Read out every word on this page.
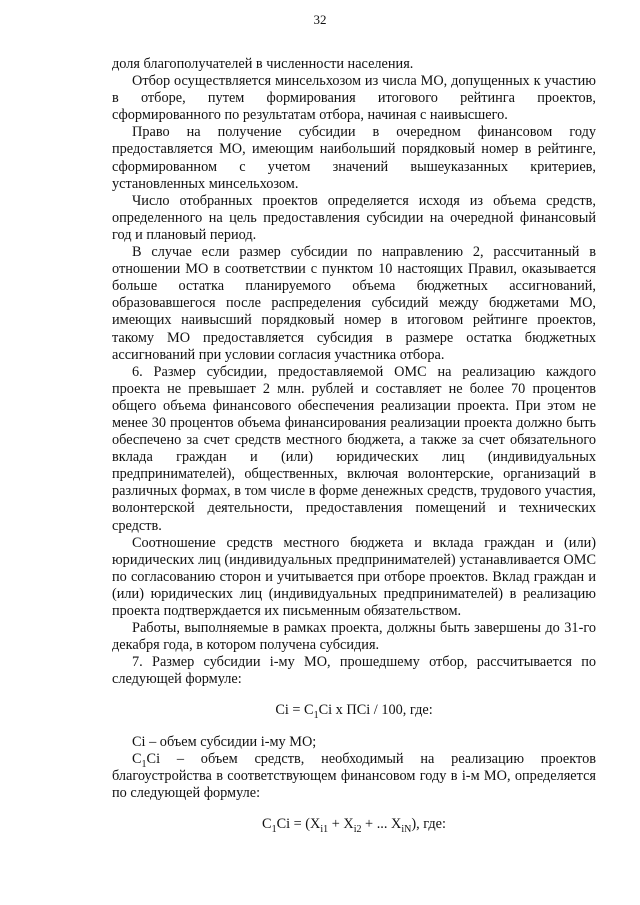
32

доля благополучателей в численности населения.

Отбор осуществляется минсельхозом из числа МО, допущенных к участию в отборе, путем формирования итогового рейтинга проектов, сформированного по результатам отбора, начиная с наивысшего.

Право на получение субсидии в очередном финансовом году предоставляется МО, имеющим наибольший порядковый номер в рейтинге, сформированном с учетом значений вышеуказанных критериев, установленных минсельхозом.

Число отобранных проектов определяется исходя из объема средств, определенного на цель предоставления субсидии на очередной финансовый год и плановый период.

В случае если размер субсидии по направлению 2, рассчитанный в отношении МО в соответствии с пунктом 10 настоящих Правил, оказывается больше остатка планируемого объема бюджетных ассигнований, образовавшегося после распределения субсидий между бюджетами МО, имеющих наивысший порядковый номер в итоговом рейтинге проектов, такому МО предоставляется субсидия в размере остатка бюджетных ассигнований при условии согласия участника отбора.

6. Размер субсидии, предоставляемой ОМС на реализацию каждого проекта не превышает 2 млн. рублей и составляет не более 70 процентов общего объема финансового обеспечения реализации проекта. При этом не менее 30 процентов объема финансирования реализации проекта должно быть обеспечено за счет средств местного бюджета, а также за счет обязательного вклада граждан и (или) юридических лиц (индивидуальных предпринимателей), общественных, включая волонтерские, организаций в различных формах, в том числе в форме денежных средств, трудового участия, волонтерской деятельности, предоставления помещений и технических средств.

Соотношение средств местного бюджета и вклада граждан и (или) юридических лиц (индивидуальных предпринимателей) устанавливается ОМС по согласованию сторон и учитывается при отборе проектов. Вклад граждан и (или) юридических лиц (индивидуальных предпринимателей) в реализацию проекта подтверждается их письменным обязательством.

Работы, выполняемые в рамках проекта, должны быть завершены до 31-го декабря года, в котором получена субсидия.

7. Размер субсидии i-му МО, прошедшему отбор, рассчитывается по следующей формуле:

$Ci = C_1Ci$ x ПCi / 100, где:

Ci – объем субсидии i-му МО;

$C_1Ci$ – объем средств, необходимый на реализацию проектов благоустройства в соответствующем финансовом году в i-м МО, определяется по следующей формуле:

$C_1Ci = (X_{i1} + X_{i2}$ + ... $X_{iN}$), где:
